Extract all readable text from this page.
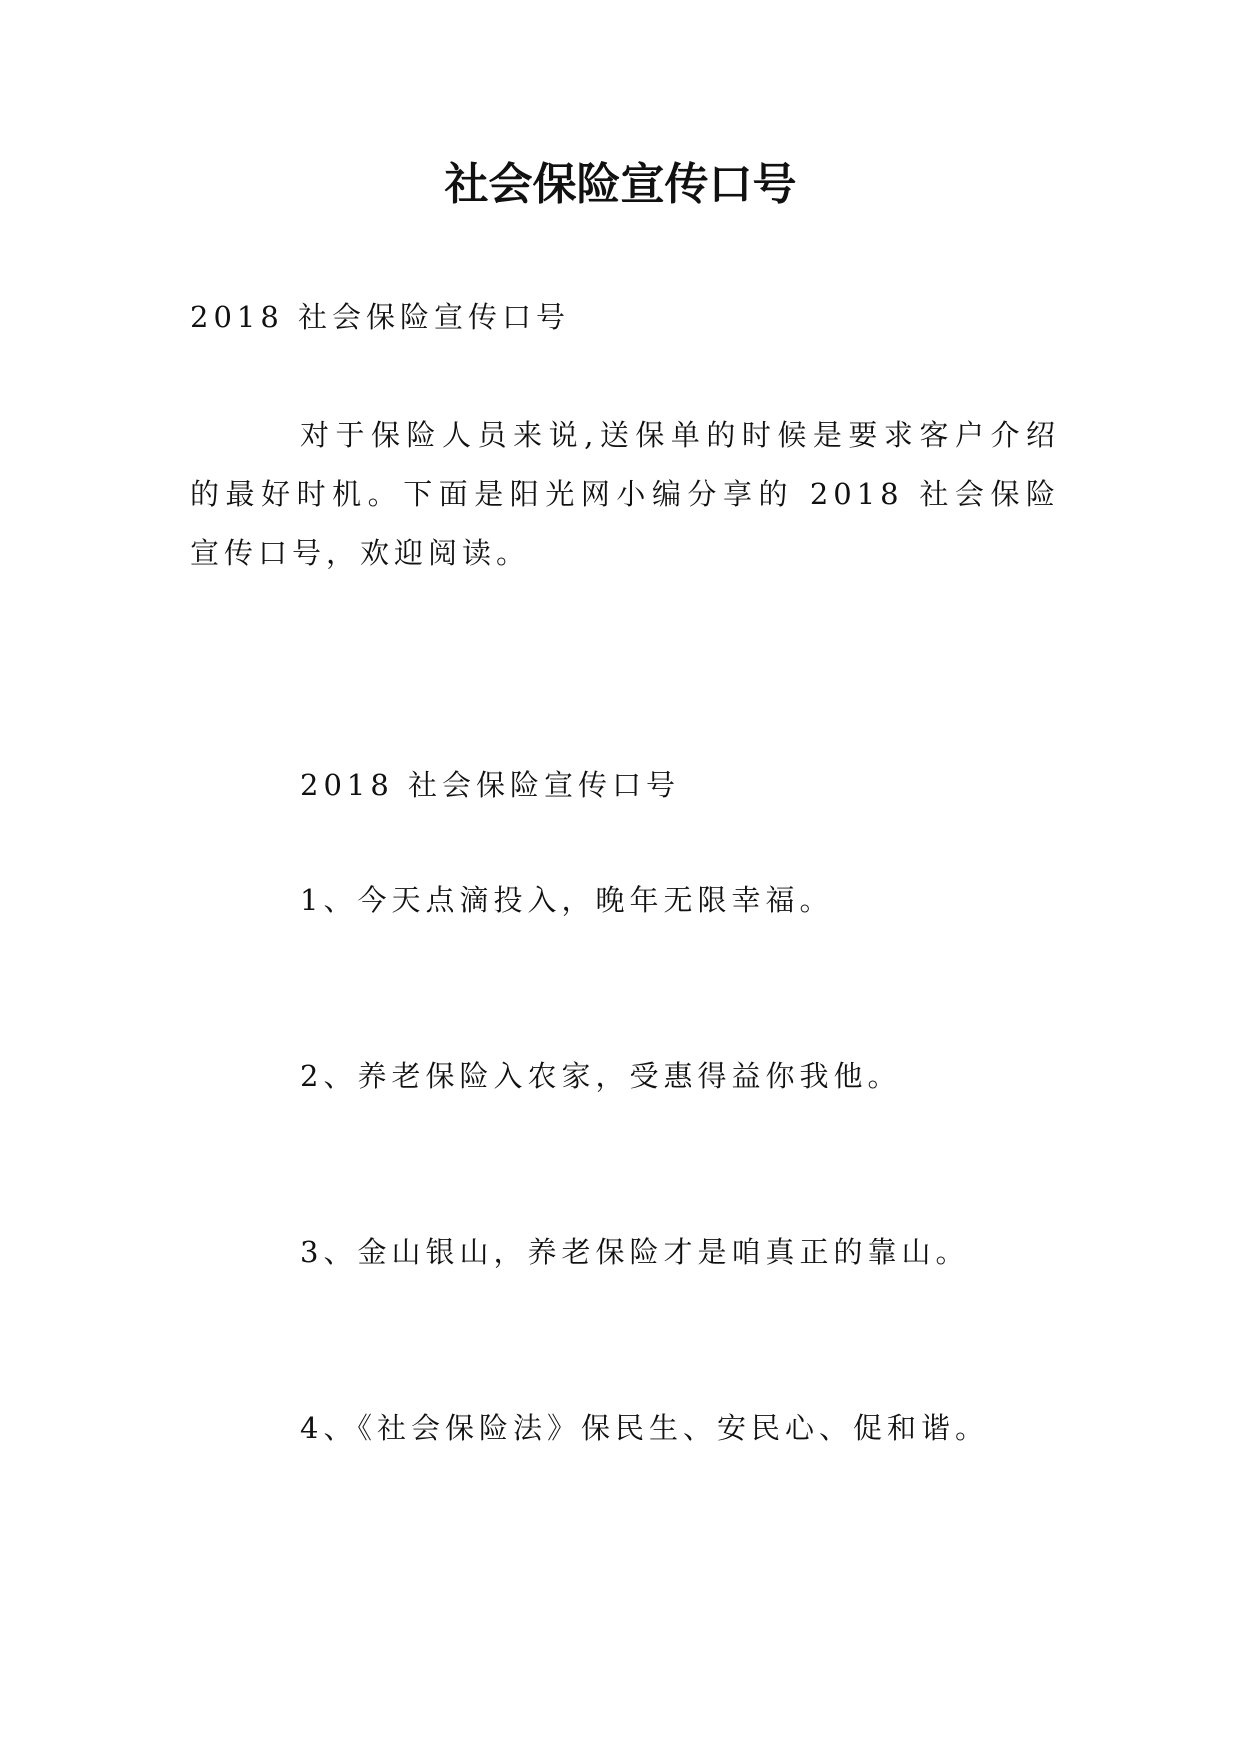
社会保险宣传口号
2018 社会保险宣传口号
对于保险人员来说,送保单的时候是要求客户介绍的最好时机。下面是阳光网小编分享的 2018 社会保险宣传口号，欢迎阅读。
2018 社会保险宣传口号
1、今天点滴投入，晚年无限幸福。
2、养老保险入农家，受惠得益你我他。
3、金山银山，养老保险才是咱真正的靠山。
4、《社会保险法》保民生、安民心、促和谐。
